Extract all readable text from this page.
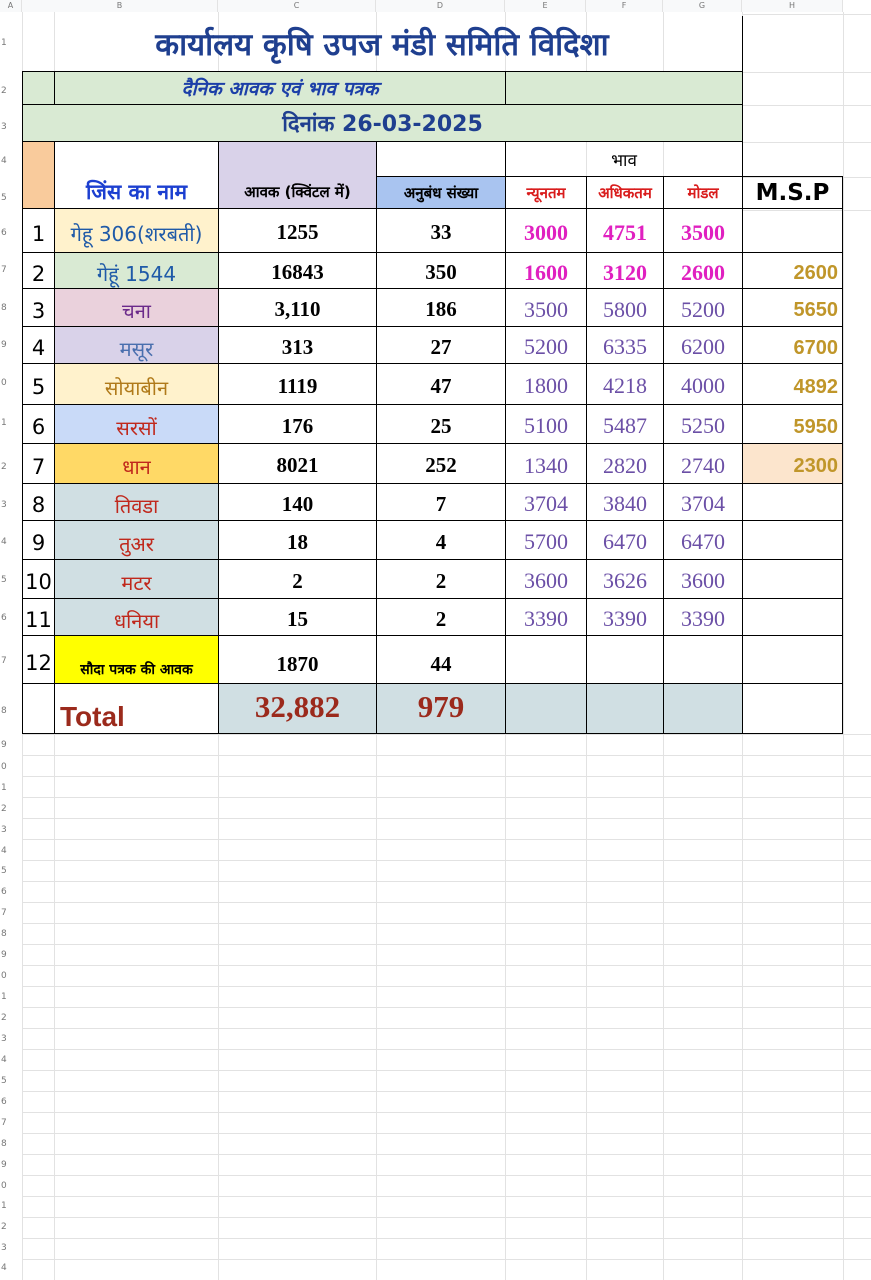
A	B	C	D	E	F	G	H
1
2
3
4
5
6
7
8
9
0
1
2
3
4
5
6
7
8
9
0
1
2
3
4
5
6
7
8
9
0
1
2
3
4
5
6
7
8
9
0
1
2
3
4
कार्यालय कृषि उपज मंडी समिति विदिशा
दैनिक आवक एवं भाव पत्रक
दिनांक 26-03-2025
जिंस का नाम	आवक (क्विंटल में)	अनुबंध संख्या
भाव
न्यूनतम	अधिकतम	मोडल	M.S.P
1	गेहू 306(शरबती)	1255	33	3000	4751	3500
2	गेहूं 1544	16843	350	1600	3120	2600	2600
3	चना	3,110	186	3500	5800	5200	5650
4	मसूर	313	27	5200	6335	6200	6700
5	सोयाबीन	1119	47	1800	4218	4000	4892
6	सरसों	176	25	5100	5487	5250	5950
7	धान	8021	252	1340	2820	2740	2300
8	तिवडा	140	7	3704	3840	3704
9	तुअर	18	4	5700	6470	6470
10	मटर	2	2	3600	3626	3600
11	धनिया	15	2	3390	3390	3390
12	सौदा पत्रक की आवक	1870	44
Total	32,882	979
